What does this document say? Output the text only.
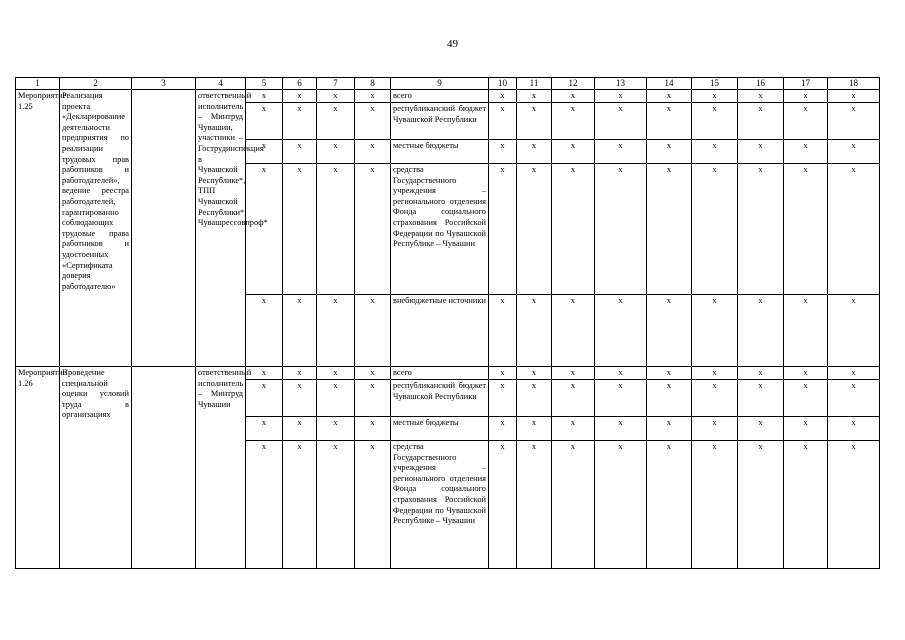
49
1	2	3	4	5	6	7	8	9	10	11	12	13	14	15	16	17	18
Мероприятие 1.25	Реализация проекта «Декларирование деятельности предприятия по реализации трудовых прав работников и работодателей», ведение реестра работодателей, гарантированно соблюдающих трудовые права работников и удостоенных «Сертификата доверия работодателю»		ответственный исполнитель – Минтруд Чувашии, участники – Гострудинспекция в Чувашской Республике*, ТПП Чувашской Республики*, Чувашрессовпроф*	x	x	x	x	всего	x	x	x	x	x	x	x	x	x
				x	x	x	x	республиканский бюджет Чувашской Республики	x	x	x	x	x	x	x	x	x
				x	x	x	x	местные бюджеты	x	x	x	x	x	x	x	x	x
				x	x	x	x	средства Государственного учреждения – регионального отделения Фонда социального страхования Российской Федерации по Чувашской Республике – Чувашии	x	x	x	x	x	x	x	x	x
				x	x	x	x	внебюджетные источники	x	x	x	x	x	x	x	x	x
Мероприятие 1.26	Проведение специальной оценки условий труда в организациях		ответственный исполнитель – Минтруд Чувашии	x	x	x	x	всего	x	x	x	x	x	x	x	x	x
				x	x	x	x	республиканский бюджет Чувашской Республики	x	x	x	x	x	x	x	x	x
				x	x	x	x	местные бюджеты	x	x	x	x	x	x	x	x	x
				x	x	x	x	средства Государственного учреждения – регионального отделения Фонда социального страхования Российской Федерации по Чувашской Республике – Чувашии	x	x	x	x	x	x	x	x	x
